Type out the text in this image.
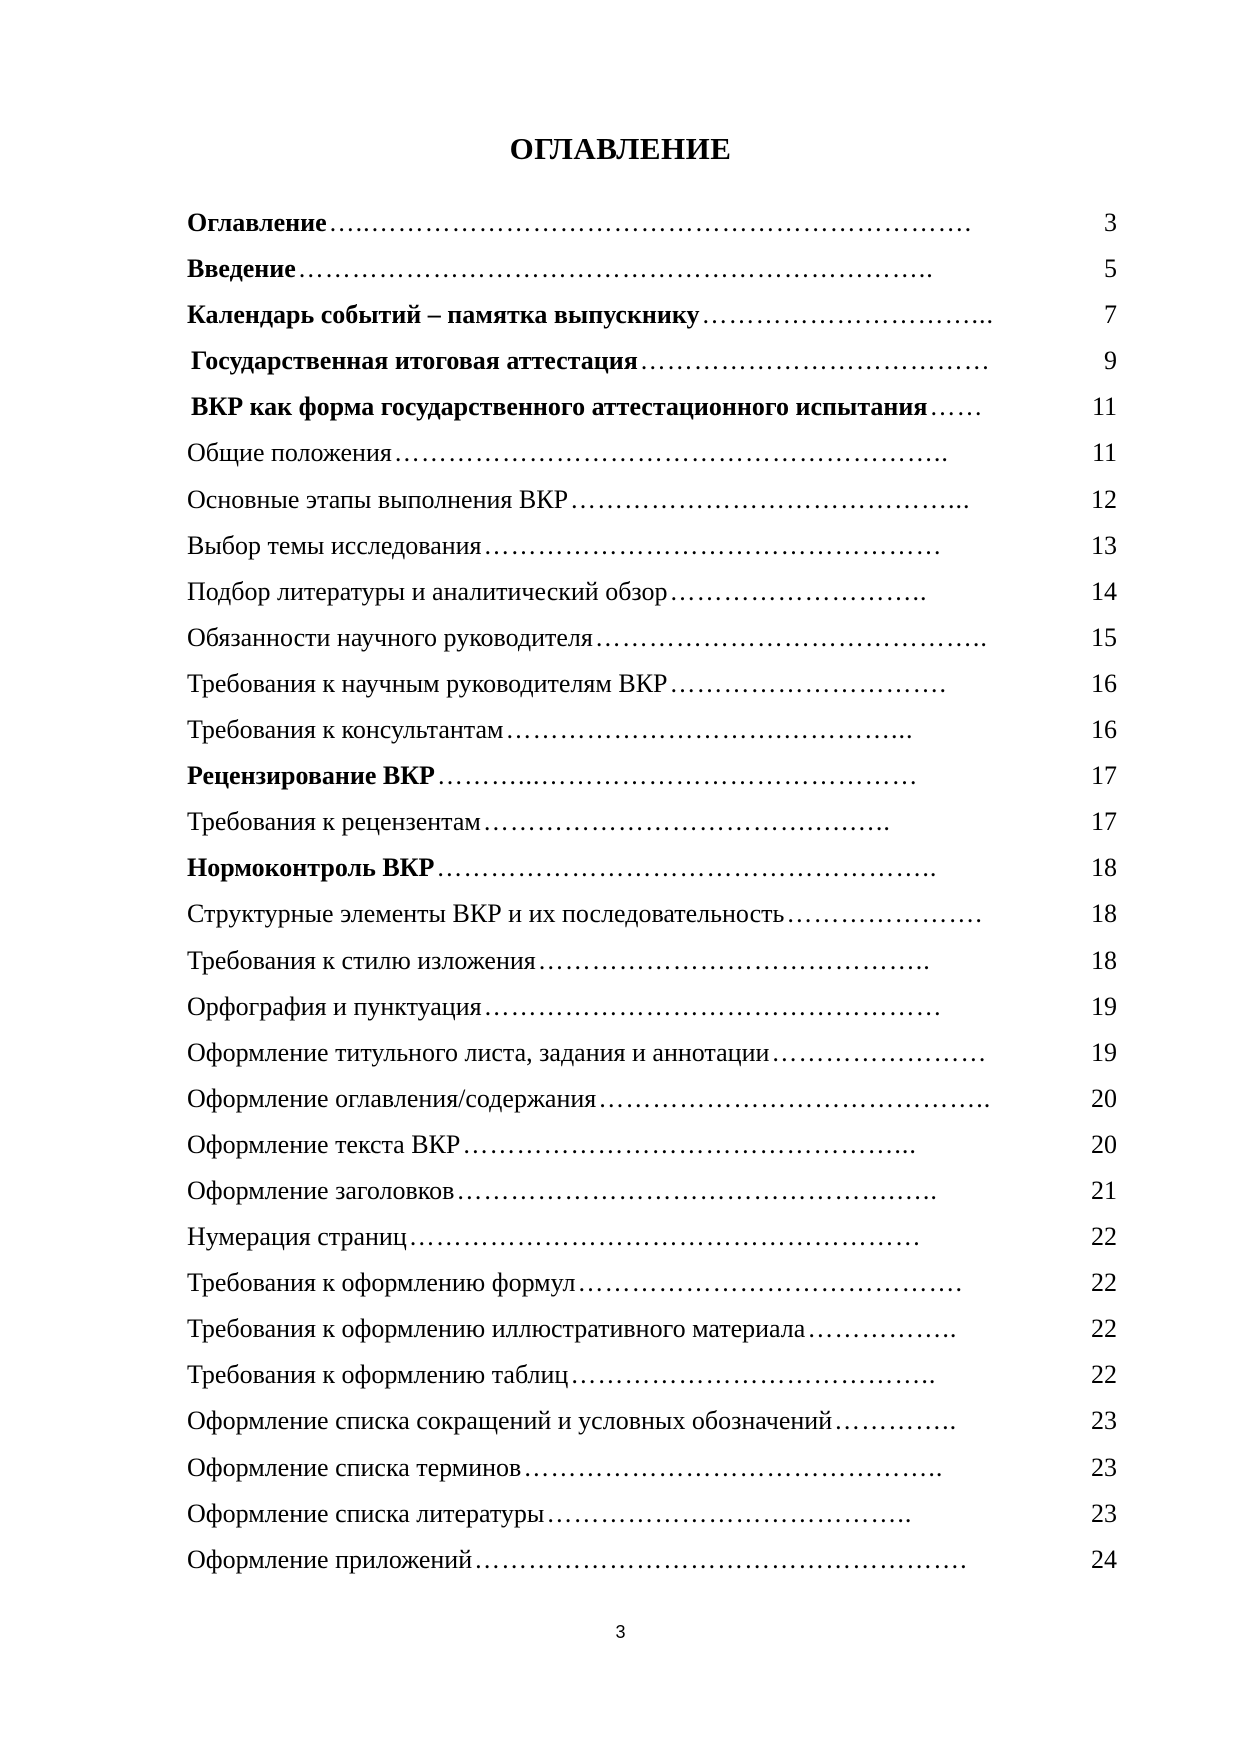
ОГЛАВЛЕНИЕ
Оглавление …..………………………………………………………….	3
Введение ……………………………………………………………..	5
Календарь событий – памятка выпускнику …………………………...	7
Государственная итоговая аттестация …………………………………	9
ВКР как форма государственного аттестационного испытания ……	11
Общие положения ……………………………………………………..	11
Основные этапы выполнения ВКР ……………………………………...	12
Выбор темы исследования ……………………………………………	13
Подбор литературы и аналитический обзор ………………………..	14
Обязанности научного руководителя ……………………………………..	15
Требования к научным руководителям ВКР ………………………….	16
Требования к консультантам ………………………….…………...	16
Рецензирование ВКР ………...……………………………………	17
Требования к рецензентам ……………………………….….…..	17
Нормоконтроль ВКР ………………………………………………..	18
Структурные элементы ВКР и их последовательность ………………….	18
Требования к стилю изложения ……………………………………..	18
Орфография и пунктуация ……………………………………………	19
Оформление титульного листа, задания и аннотации ……………………	19
Оформление оглавления/содержания ……………………………………..	20
Оформление текста ВКР …………………………………………...	20
Оформление заголовков ………………………………………….…..	21
Нумерация страниц …………………………………………………	22
Требования к оформлению формул …………………………………….	22
Требования к оформлению иллюстративного материала ……………..	22
Требования к оформлению таблиц …………………………………..	22
Оформление списка сокращений и условных обозначений …………..	23
Оформление списка терминов ………………………………………..	23
Оформление списка литературы …………………………………..	23
Оформление приложений ……………………………………………….	24
3
